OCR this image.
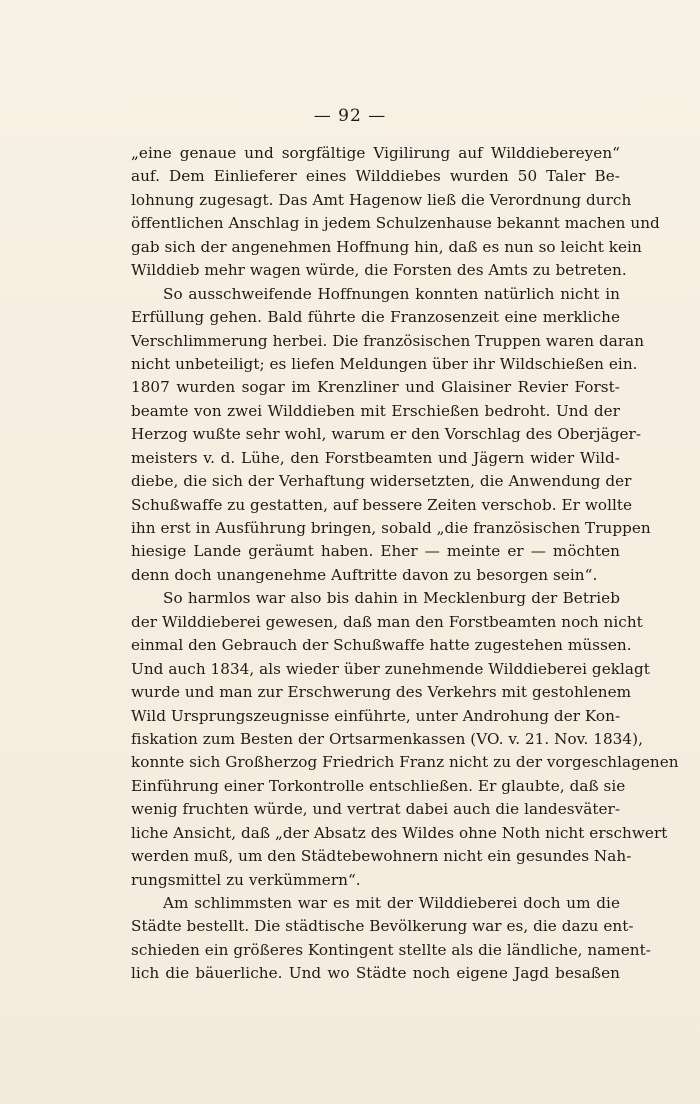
— 92 —
„eine genaue und sorgfältige Vigilirung auf Wilddiebereyen“
auf. Dem Einlieferer eines Wilddiebes wurden 50 Taler Be-
lohnung zugesagt. Das Amt Hagenow ließ die Verordnung durch
öffentlichen Anschlag in jedem Schulzenhause bekannt machen und
gab sich der angenehmen Hoffnung hin, daß es nun so leicht kein
Wilddieb mehr wagen würde, die Forsten des Amts zu betreten.
So ausschweifende Hoffnungen konnten natürlich nicht in
Erfüllung gehen. Bald führte die Franzosenzeit eine merkliche
Verschlimmerung herbei. Die französischen Truppen waren daran
nicht unbeteiligt; es liefen Meldungen über ihr Wildschießen ein.
1807 wurden sogar im Krenzliner und Glaisiner Revier Forst-
beamte von zwei Wilddieben mit Erschießen bedroht. Und der
Herzog wußte sehr wohl, warum er den Vorschlag des Oberjäger-
meisters v. d. Lühe, den Forstbeamten und Jägern wider Wild-
diebe, die sich der Verhaftung widersetzten, die Anwendung der
Schußwaffe zu gestatten, auf bessere Zeiten verschob. Er wollte
ihn erst in Ausführung bringen, sobald „die französischen Truppen
hiesige Lande geräumt haben. Eher — meinte er — möchten
denn doch unangenehme Auftritte davon zu besorgen sein“.
So harmlos war also bis dahin in Mecklenburg der Betrieb
der Wilddieberei gewesen, daß man den Forstbeamten noch nicht
einmal den Gebrauch der Schußwaffe hatte zugestehen müssen.
Und auch 1834, als wieder über zunehmende Wilddieberei geklagt
wurde und man zur Erschwerung des Verkehrs mit gestohlenem
Wild Ursprungszeugnisse einführte, unter Androhung der Kon-
fiskation zum Besten der Ortsarmenkassen (VO. v. 21. Nov. 1834),
konnte sich Großherzog Friedrich Franz nicht zu der vorgeschlagenen
Einführung einer Torkontrolle entschließen. Er glaubte, daß sie
wenig fruchten würde, und vertrat dabei auch die landesväter-
liche Ansicht, daß „der Absatz des Wildes ohne Noth nicht erschwert
werden muß, um den Städtebewohnern nicht ein gesundes Nah-
rungsmittel zu verkümmern“.
Am schlimmsten war es mit der Wilddieberei doch um die
Städte bestellt. Die städtische Bevölkerung war es, die dazu ent-
schieden ein größeres Kontingent stellte als die ländliche, nament-
lich die bäuerliche. Und wo Städte noch eigene Jagd besaßen
